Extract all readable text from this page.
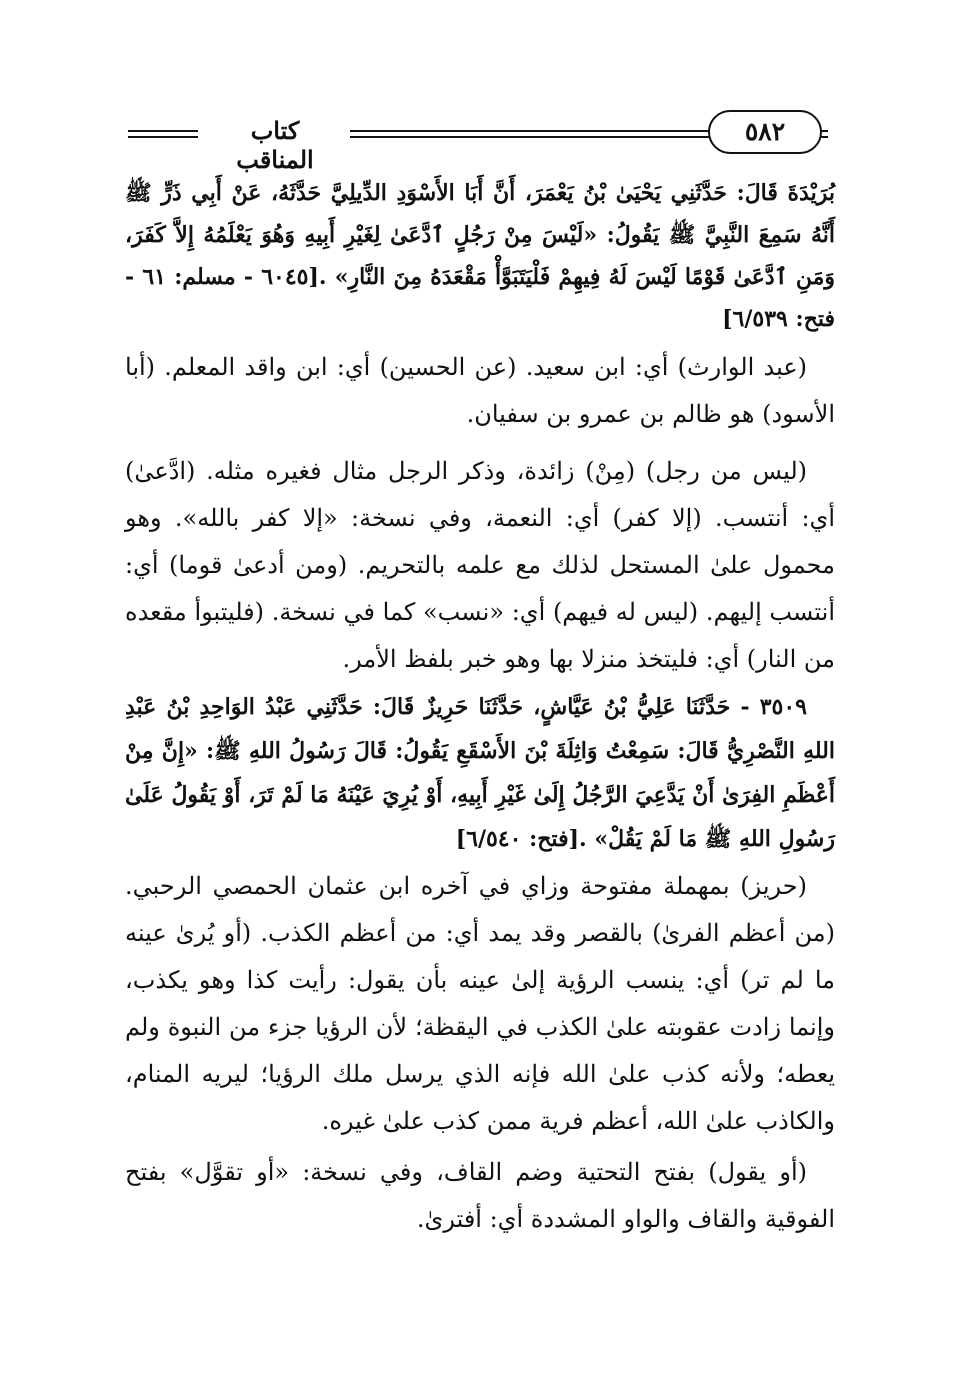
كتاب المناقب
٥٨٢

بُرَيْدَةَ قَالَ: حَدَّثَنِي يَحْيَىٰ بْنُ يَعْمَرَ، أَنَّ أَبَا الأَسْوَدِ الدِّيلِيَّ حَدَّثَهُ، عَنْ أَبِي ذَرٍّ ﷺ أَنَّهُ سَمِعَ النَّبِيَّ ﷺ يَقُولُ: «لَيْسَ مِنْ رَجُلٍ ٱدَّعَىٰ لِغَيْرِ أَبِيهِ وَهُوَ يَعْلَمُهُ إِلاَّ كَفَرَ، وَمَنِ ٱدَّعَىٰ قَوْمًا لَيْسَ لَهُ فِيهِمْ فَلْيَتَبَوَّأْ مَقْعَدَهُ مِنَ النَّارِ» .[٦٠٤٥ - مسلم: ٦١ - فتح: ٦/٥٣٩]

(عبد الوارث) أي: ابن سعيد. (عن الحسين) أي: ابن واقد المعلم. (أبا الأسود) هو ظالم بن عمرو بن سفيان.

(ليس من رجل) (مِنْ) زائدة، وذكر الرجل مثال فغيره مثله. (ادَّعىٰ) أي: أنتسب. (إلا كفر) أي: النعمة، وفي نسخة: «إلا كفر بالله». وهو محمول علىٰ المستحل لذلك مع علمه بالتحريم. (ومن أدعىٰ قوما) أي: أنتسب إليهم. (ليس له فيهم) أي: «نسب» كما في نسخة. (فليتبوأ مقعده من النار) أي: فليتخذ منزلا بها وهو خبر بلفظ الأمر.

٣٥٠٩ - حَدَّثَنَا عَلِيُّ بْنُ عَيَّاشٍ، حَدَّثَنَا حَرِيزٌ قَالَ: حَدَّثَنِي عَبْدُ الوَاحِدِ بْنُ عَبْدِ اللهِ النَّصْرِيُّ قَالَ: سَمِعْتُ وَاثِلَةَ بْنَ الأَسْقَعِ يَقُولُ: قَالَ رَسُولُ اللهِ ﷺ: «إِنَّ مِنْ أَعْظَمِ الفِرَىٰ أَنْ يَدَّعِيَ الرَّجُلُ إِلَىٰ غَيْرِ أَبِيهِ، أَوْ يُرِيَ عَيْنَهُ مَا لَمْ تَرَ، أَوْ يَقُولُ عَلَىٰ رَسُولِ اللهِ ﷺ مَا لَمْ يَقُلْ» .[فتح: ٦/٥٤٠]

(حريز) بمهملة مفتوحة وزاي في آخره ابن عثمان الحمصي الرحبي. (من أعظم الفرىٰ) بالقصر وقد يمد أي: من أعظم الكذب. (أو يُرىٰ عينه ما لم تر) أي: ينسب الرؤية إلىٰ عينه بأن يقول: رأيت كذا وهو يكذب، وإنما زادت عقوبته علىٰ الكذب في اليقظة؛ لأن الرؤيا جزء من النبوة ولم يعطه؛ ولأنه كذب علىٰ الله فإنه الذي يرسل ملك الرؤيا؛ ليريه المنام، والكاذب علىٰ الله، أعظم فرية ممن كذب علىٰ غيره.

(أو يقول) بفتح التحتية وضم القاف، وفي نسخة: «أو تقوَّل» بفتح الفوقية والقاف والواو المشددة أي: أفترىٰ.
